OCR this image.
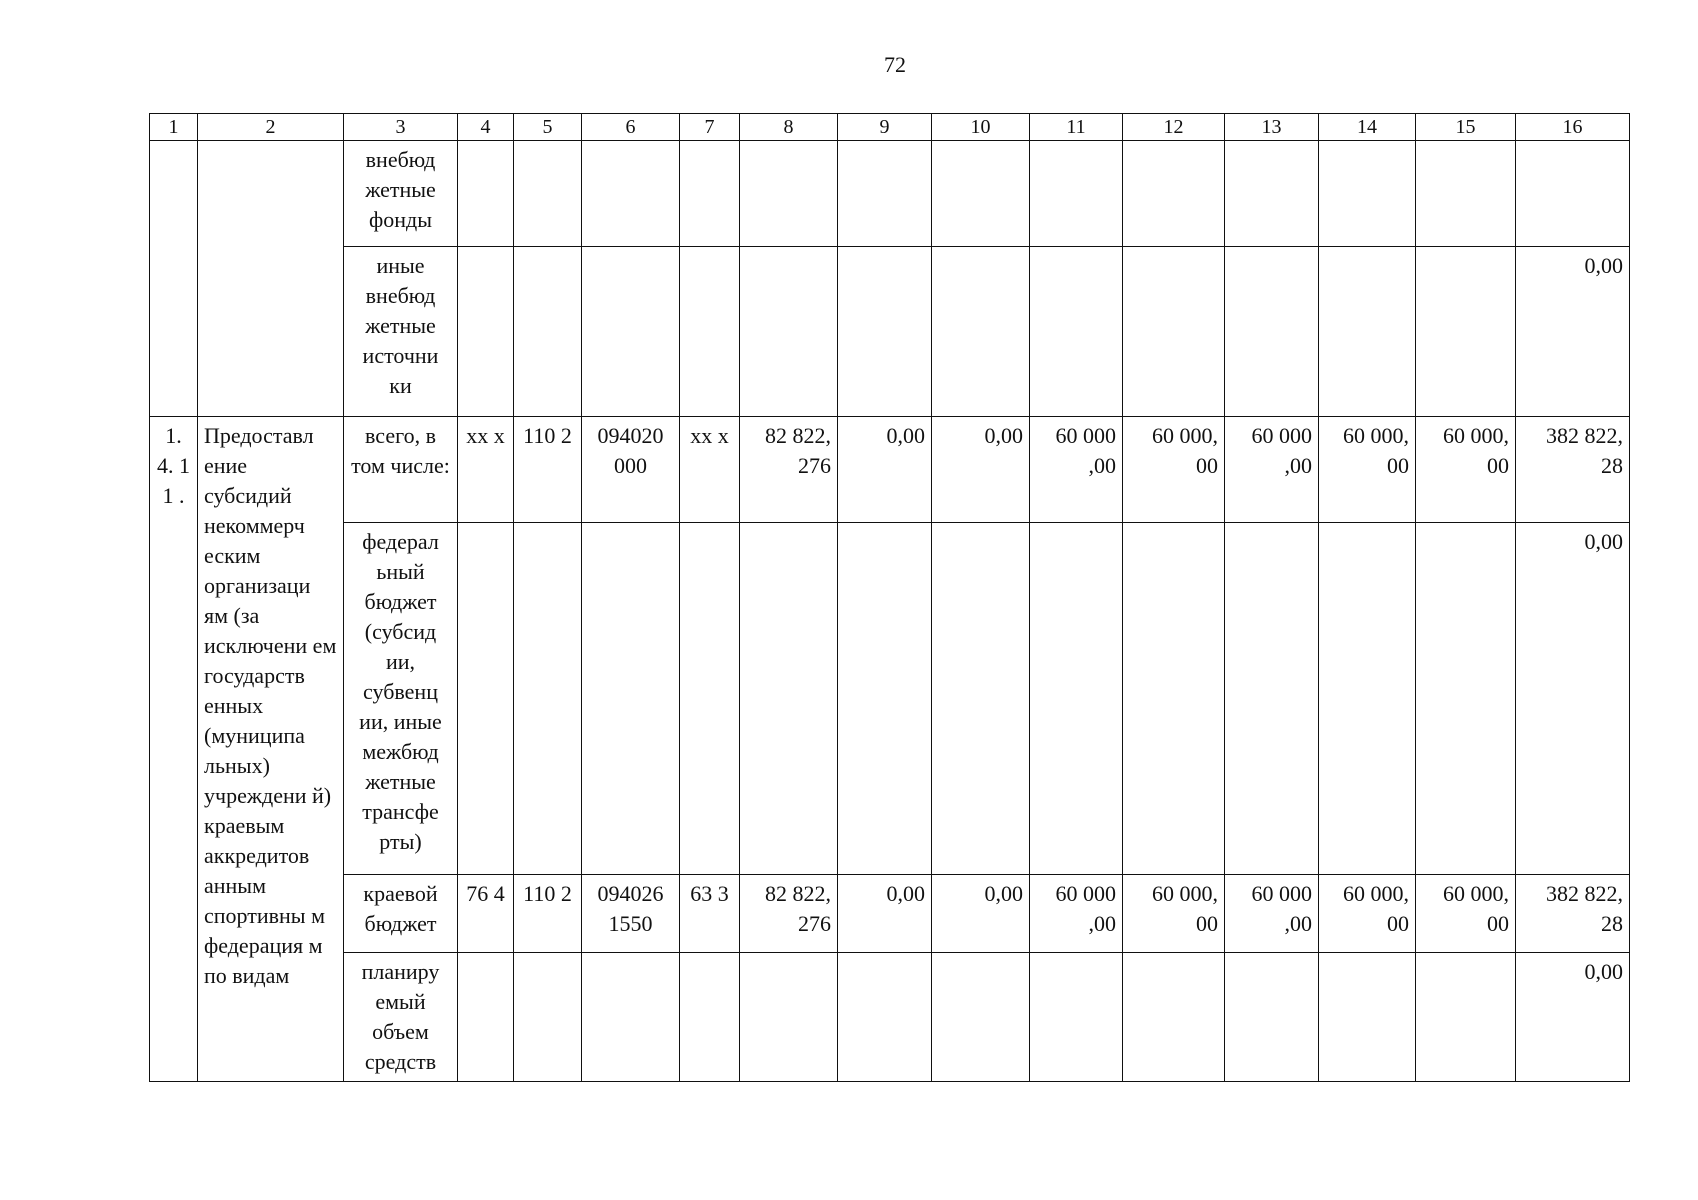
72
1	2	3	4	5	6	7	8	9	10	11	12	13	14	15	16
		внебюд жетные фонды													
		иные внебюд жетные источни ки													0,00
1. 4. 11 .	Предоставл ение субсидий некоммерч еским организаци ям (за исключени ем государств енных (муниципа льных) учреждени й) краевым аккредитов анным спортивны м федерация м по видам	всего, в том числе:	xx x	110 2	094020 000	xx x	82 822, 276	0,00	0,00	60 000 ,00	60 000, 00	60 000 ,00	60 000, 00	60 000, 00	382 822, 28
		федерал ьный бюджет (субсид ии, субвенц ии, иные межбюд жетные трансфе рты)													0,00
		краевой бюджет	76 4	110 2	094026 1550	63 3	82 822, 276	0,00	0,00	60 000 ,00	60 000, 00	60 000 ,00	60 000, 00	60 000, 00	382 822, 28
		планиру емый объем средств													0,00
